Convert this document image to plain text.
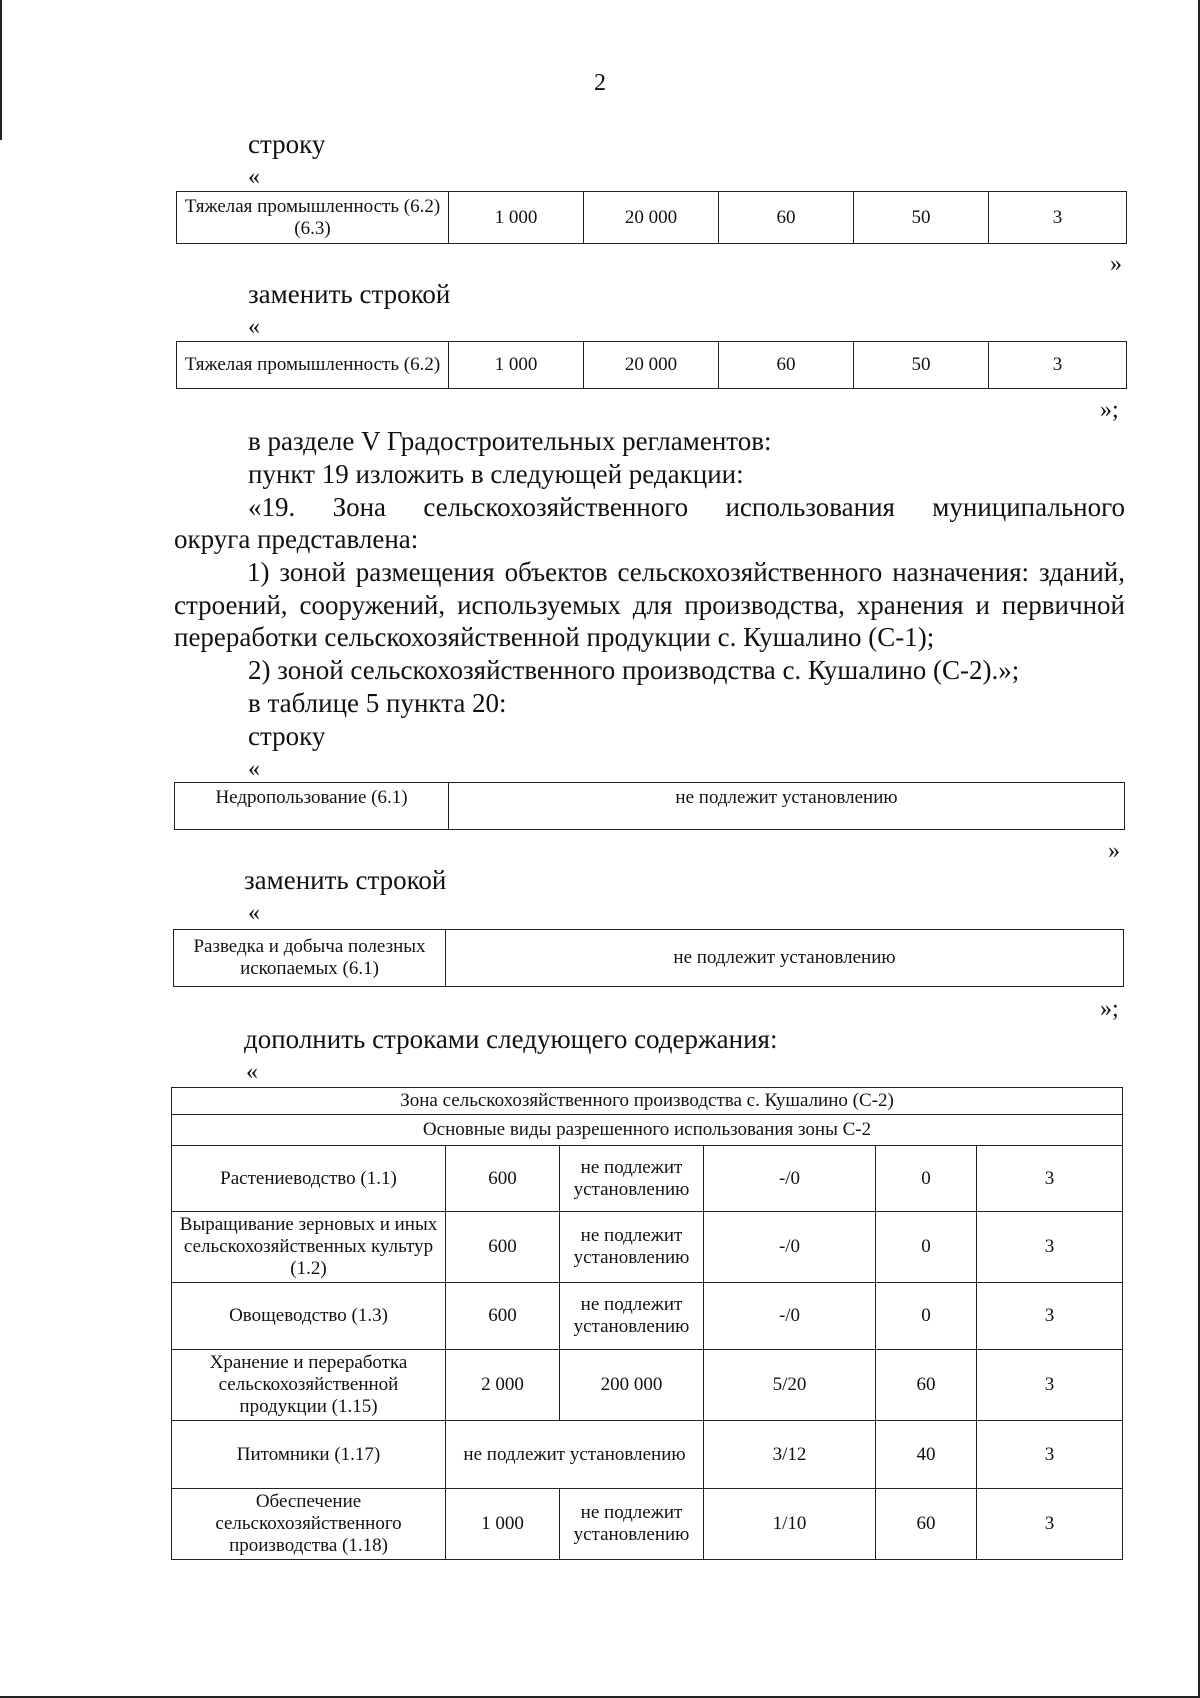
2
строку
«
Тяжелая промышленность (6.2) (6.3)	1 000	20 000	60	50	3
»
заменить строкой
«
Тяжелая промышленность (6.2)	1 000	20 000	60	50	3
»;
в разделе V Градостроительных регламентов:
пункт 19 изложить в следующей редакции:
«19. Зона сельскохозяйственного использования муниципального
округа представлена:
1) зоной размещения объектов сельскохозяйственного назначения: зданий, строений, сооружений, используемых для производства, хранения и первичной переработки сельскохозяйственной продукции с. Кушалино (С-1);
2) зоной сельскохозяйственного производства с. Кушалино (С-2).»;
в таблице 5 пункта 20:
строку
«
Недропользование (6.1)	не подлежит установлению
»
заменить строкой
«
Разведка и добыча полезных ископаемых (6.1)	не подлежит установлению
»;
дополнить строками следующего содержания:
«
Зона сельскохозяйственного производства с. Кушалино (С-2)					
Основные виды разрешенного использования зоны С-2					
Растениеводство (1.1)	600	не подлежит установлению	-/0	0	3
Выращивание зерновых и иных сельскохозяйственных культур (1.2)	600	не подлежит установлению	-/0	0	3
Овощеводство (1.3)	600	не подлежит установлению	-/0	0	3
Хранение и переработка сельскохозяйственной продукции (1.15)	2 000	200 000	5/20	60	3
Питомники (1.17)	не подлежит установлению		3/12	40	3
Обеспечение сельскохозяйственного производства (1.18)	1 000	не подлежит установлению	1/10	60	3
